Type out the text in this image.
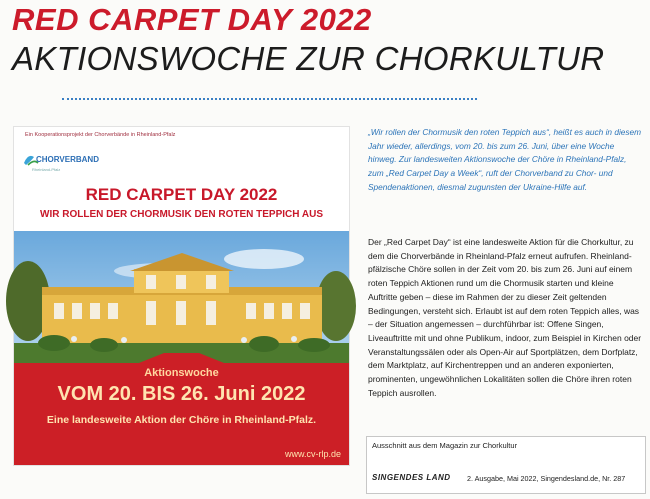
RED CARPET DAY 2022
AKTIONSWOCHE ZUR CHORKULTUR
Ein Kooperationsprojekt der Chorverbände in Rheinland-Pfalz
CHORVERBAND
Rheinland-Pfalz
RED CARPET DAY 2022
WIR ROLLEN DER CHORMUSIK DEN ROTEN TEPPICH AUS
Aktionswoche
VOM 20. BIS 26. Juni 2022
Eine landesweite Aktion der Chöre in Rheinland-Pfalz.
www.cv-rlp.de
„Wir rollen der Chormusik den roten Teppich aus“, heißt es auch in diesem Jahr wieder, allerdings, vom 20. bis zum 26. Juni, über eine Woche hinweg. Zur landesweiten Aktionswoche der Chöre in Rheinland-Pfalz, zum „Red Carpet Day a Week“, ruft der Chorverband zu Chor- und Spendenaktionen, diesmal zugunsten der Ukraine-Hilfe auf.
Der „Red Carpet Day“ ist eine landesweite Aktion für die Chorkultur, zu dem die Chorverbände in Rheinland-Pfalz erneut aufrufen. Rheinland-pfälzische Chöre sollen in der Zeit vom 20. bis zum 26. Juni auf einem roten Teppich Aktionen rund um die Chormusik starten und kleine Auftritte geben – diese im Rahmen der zu dieser Zeit geltenden Bedingungen, versteht sich. Erlaubt ist auf dem roten Teppich alles, was – der Situation angemessen – durchführbar ist: Offene Singen, Liveauftritte mit und ohne Publikum, indoor, zum Beispiel in Kirchen oder Veranstaltungssälen oder als Open-Air auf Sportplätzen, dem Dorfplatz, dem Marktplatz, auf Kirchentreppen und an anderen exponierten, prominenten, ungewöhnlichen Lokalitäten sollen die Chöre ihren roten Teppich ausrollen.
Ausschnitt aus dem Magazin zur Chorkultur
SINGENDES LAND 2. Ausgabe, Mai 2022, Singendesland.de, Nr. 287
